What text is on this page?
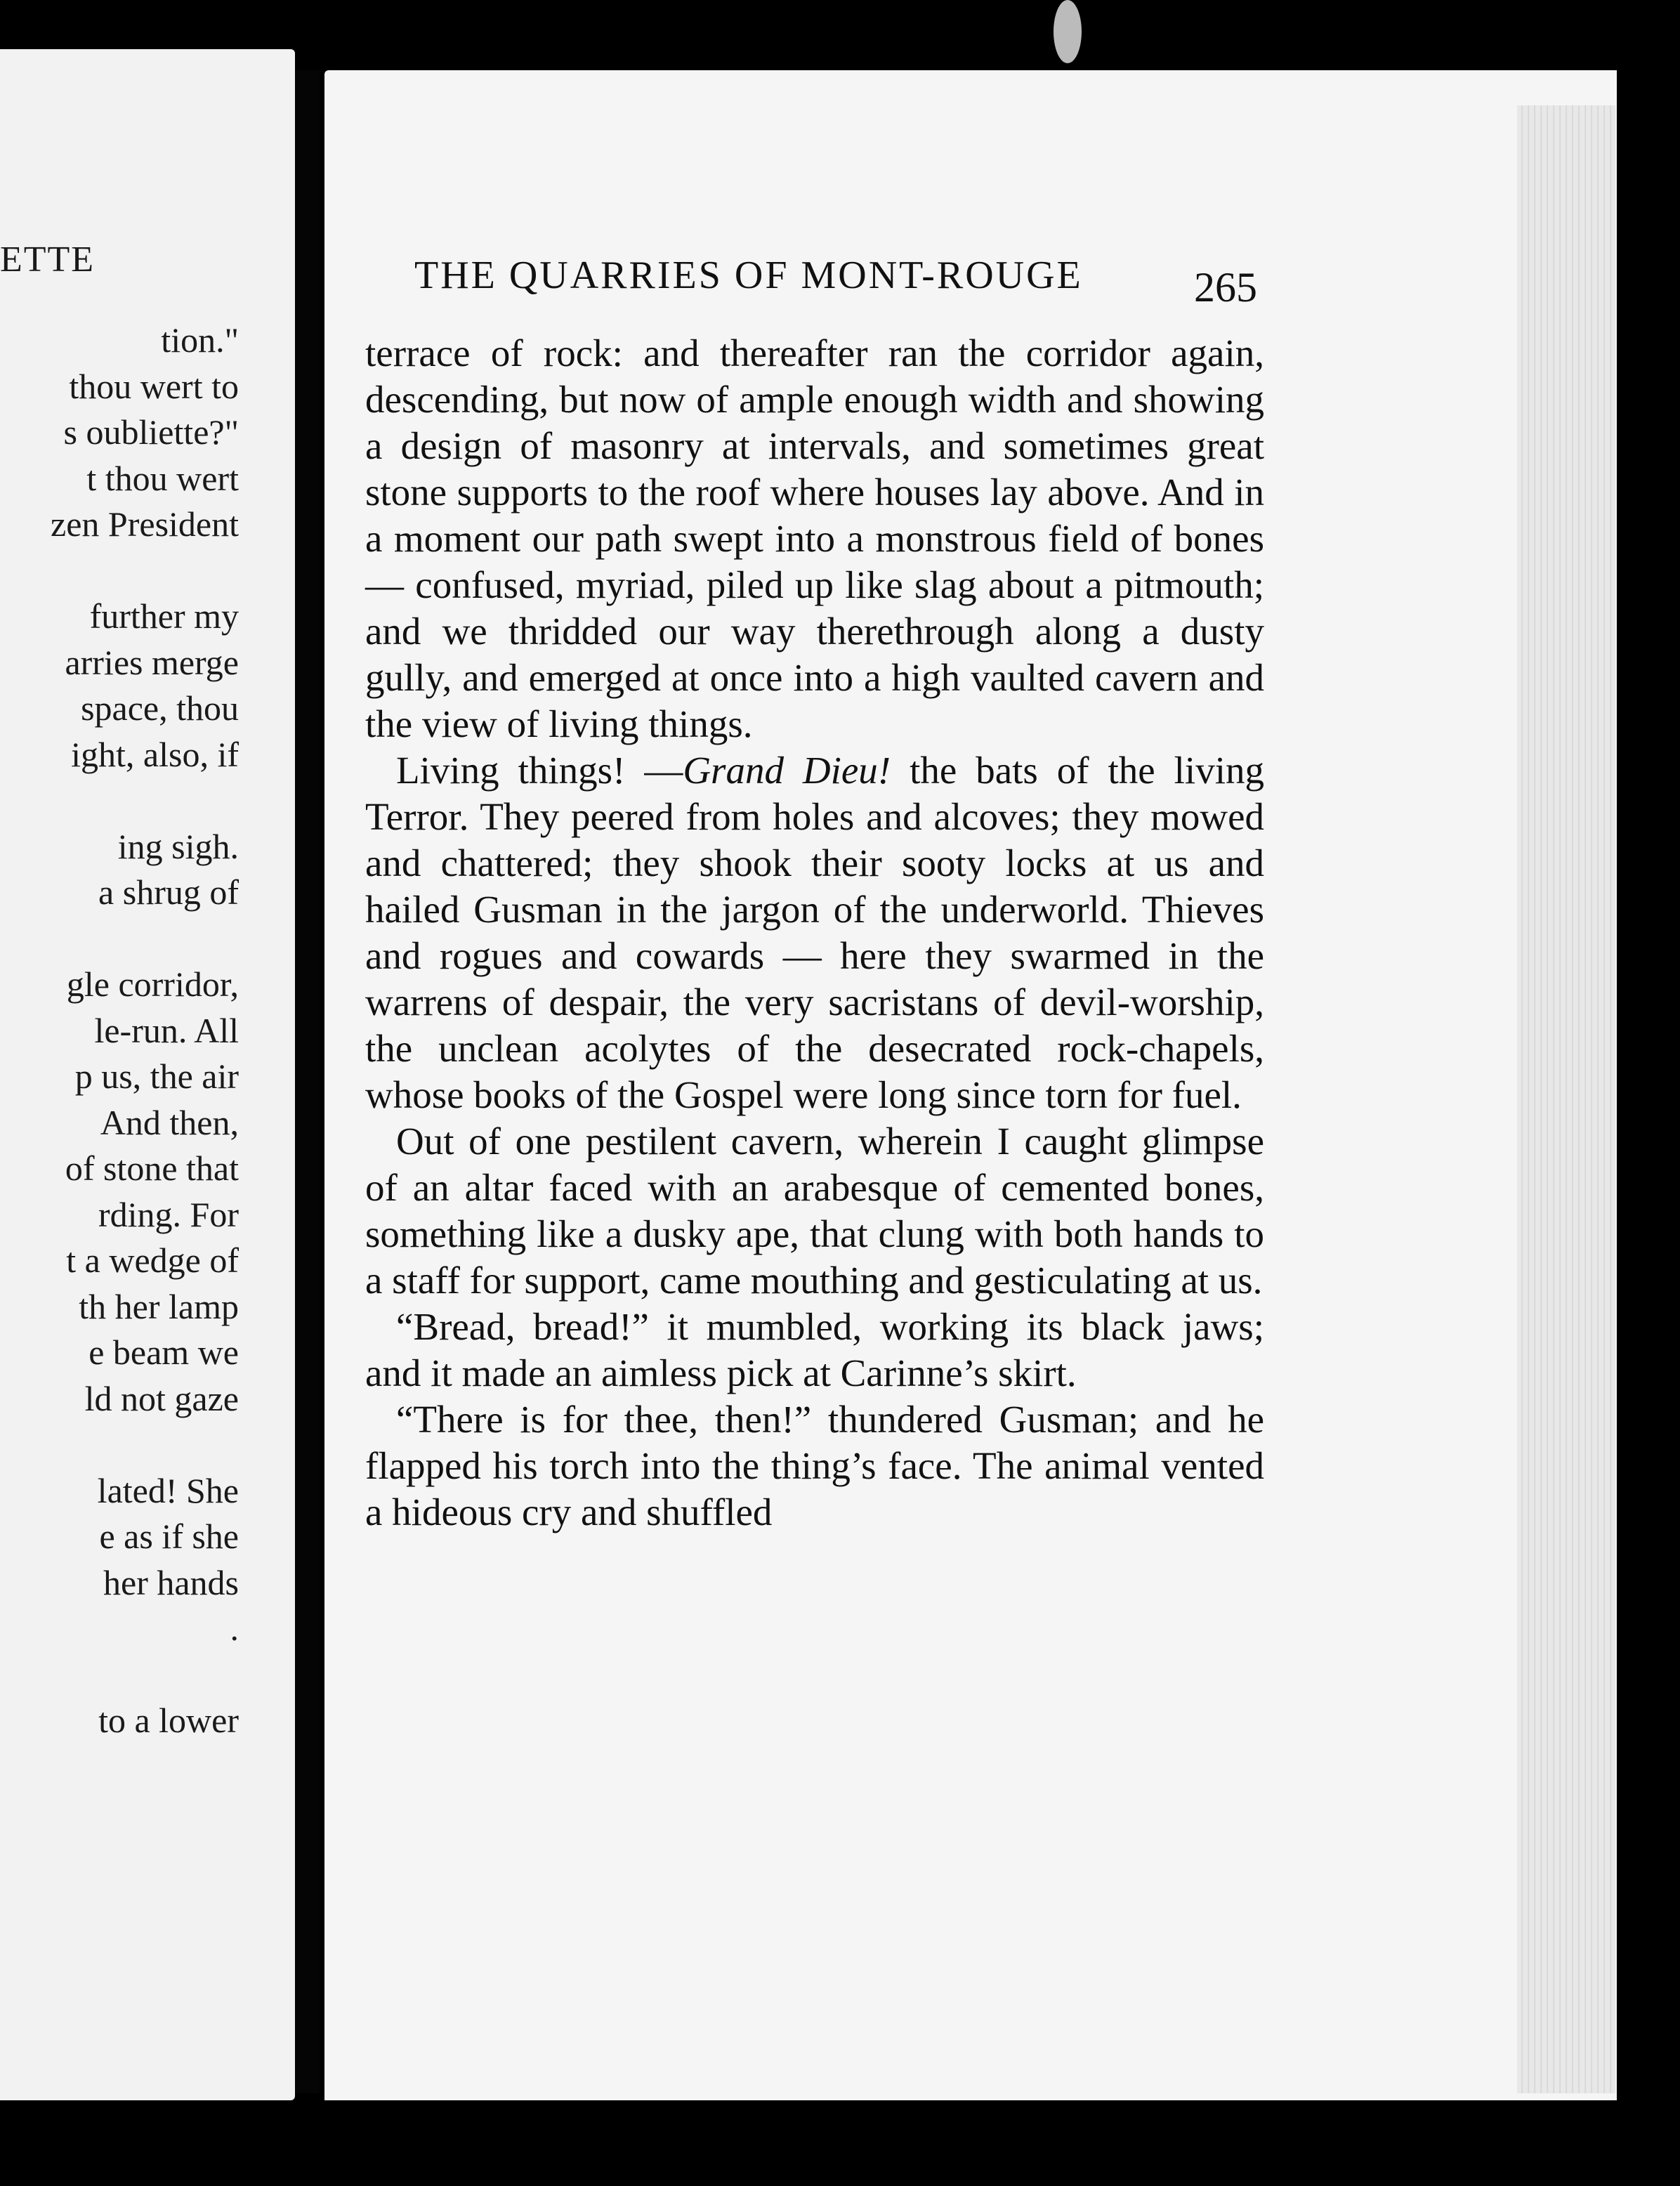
ETTE
tion."
thou wert to
s oubliette?"
t thou wert
zen President
further my
arries merge
space, thou
ight, also, if
ing sigh.
a shrug of
gle corridor,
le-run. All
p us, the air
And then,
of stone that
rding. For
t a wedge of
th her lamp
e beam we
ld not gaze
lated! She
e as if she
her hands
.
to a lower
THE QUARRIES OF MONT-ROUGE	265

terrace of rock: and thereafter ran the corridor again, descending, but now of ample enough width and showing a design of masonry at intervals, and sometimes great stone supports to the roof where houses lay above. And in a moment our path swept into a monstrous field of bones — confused, myriad, piled up like slag about a pitmouth; and we thridded our way therethrough along a dusty gully, and emerged at once into a high vaulted cavern and the view of living things.

Living things! —Grand Dieu! the bats of the living Terror. They peered from holes and alcoves; they mowed and chattered; they shook their sooty locks at us and hailed Gusman in the jargon of the underworld. Thieves and rogues and cowards — here they swarmed in the warrens of despair, the very sacristans of devil-worship, the unclean acolytes of the desecrated rock-chapels, whose books of the Gospel were long since torn for fuel.

Out of one pestilent cavern, wherein I caught glimpse of an altar faced with an arabesque of cemented bones, something like a dusky ape, that clung with both hands to a staff for support, came mouthing and gesticulating at us.

“Bread, bread!” it mumbled, working its black jaws; and it made an aimless pick at Carinne’s skirt.

“There is for thee, then!” thundered Gusman; and he flapped his torch into the thing’s face. The animal vented a hideous cry and shuffled
